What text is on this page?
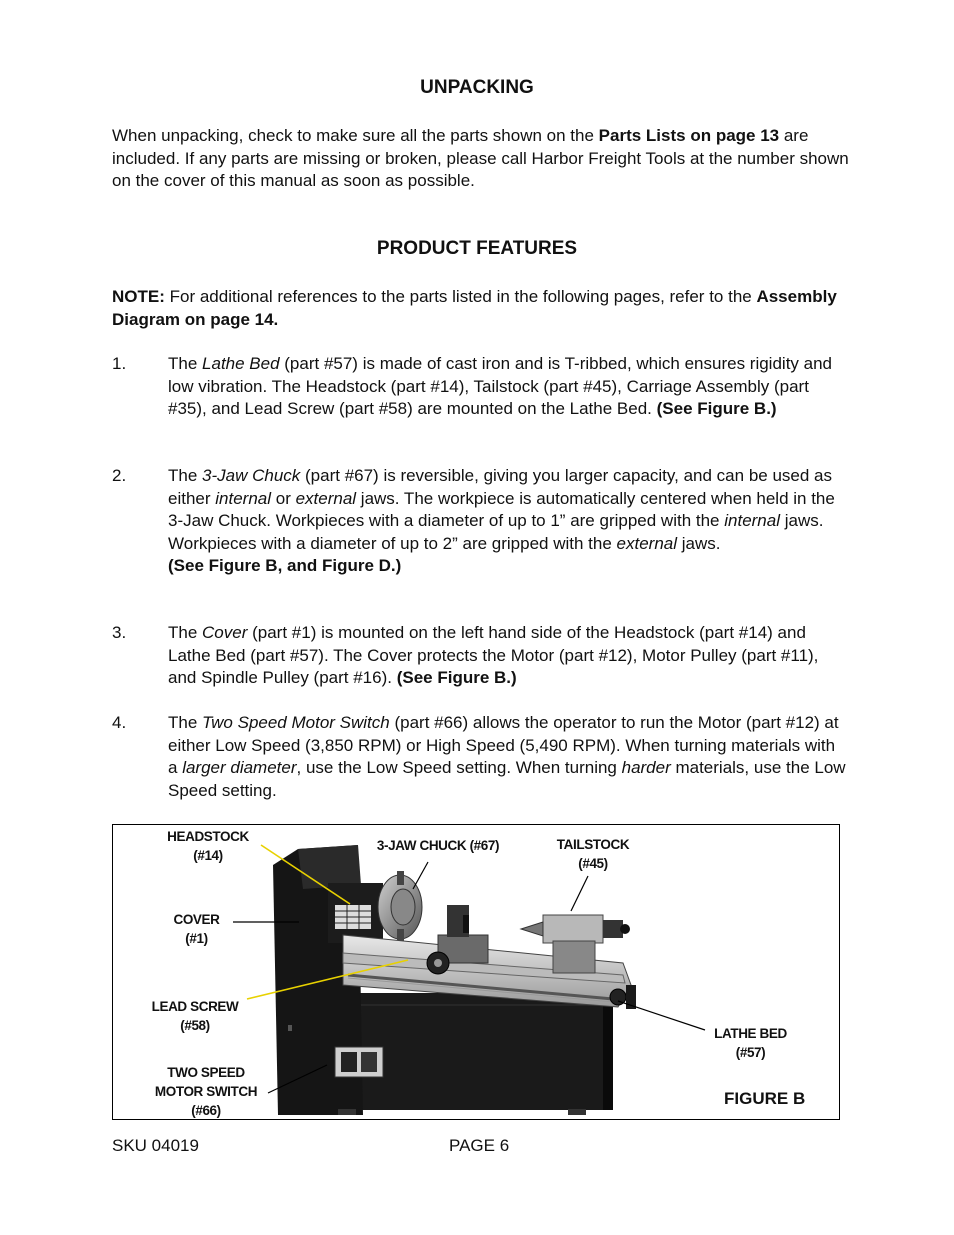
UNPACKING

When unpacking, check to make sure all the parts shown on the Parts Lists on page 13 are included. If any parts are missing or broken, please call Harbor Freight Tools at the number shown on the cover of this manual as soon as possible.

PRODUCT FEATURES

NOTE: For additional references to the parts listed in the following pages, refer to the Assembly Diagram on page 14.

1. The Lathe Bed (part #57) is made of cast iron and is T-ribbed, which ensures rigidity and low vibration. The Headstock (part #14), Tailstock (part #45), Carriage Assembly (part #35), and Lead Screw (part #58) are mounted on the Lathe Bed. (See Figure B.)
2. The 3-Jaw Chuck (part #67) is reversible, giving you larger capacity, and can be used as either internal or external jaws. The workpiece is automatically centered when held in the 3-Jaw Chuck. Workpieces with a diameter of up to 1” are gripped with the internal jaws. Workpieces with a diameter of up to 2” are gripped with the external jaws.
(See Figure B, and Figure D.)
3. The Cover (part #1) is mounted on the left hand side of the Headstock (part #14) and Lathe Bed (part #57). The Cover protects the Motor (part #12), Motor Pulley (part #11), and Spindle Pulley (part #16). (See Figure B.)
4. The Two Speed Motor Switch (part #66) allows the operator to run the Motor (part #12) at either Low Speed (3,850 RPM) or High Speed (5,490 RPM). When turning materials with a larger diameter, use the Low Speed setting. When turning harder materials, use the Low Speed setting.
HEADSTOCK
(#14)
3-JAW CHUCK (#67)	TAILSTOCK
(#45)
COVER
(#1)
LEAD SCREW
(#58)
LATHE BED
(#57)
TWO SPEED
MOTOR SWITCH
(#66)
FIGURE B
SKU 04019	PAGE 6
